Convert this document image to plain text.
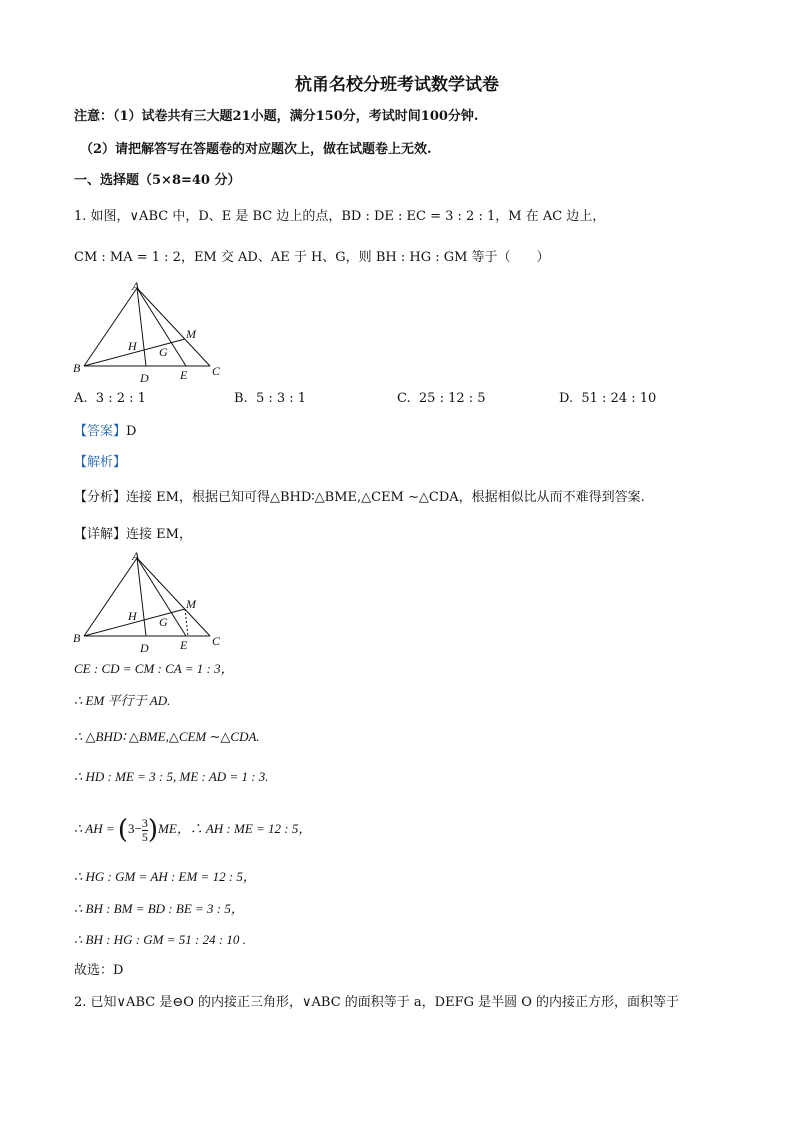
杭甬名校分班考试数学试卷
注意：（1）试卷共有三大题21小题，满分150分，考试时间100分钟.
（2）请把解答写在答题卷的对应题次上，做在试题卷上无效.
一、选择题（5×8=40 分）
1. 如图，∨ABC 中，D、E 是 BC 边上的点，BD : DE : EC = 3 : 2 : 1，M 在 AC 边上，
CM : MA = 1 : 2，EM 交 AD、AE 于 H、G，则 BH : HG : GM 等于（　　）
A
M
H G
B
D	E C
A. 3 : 2 : 1	B. 5 : 3 : 1	C. 25 : 12 : 5	D. 51 : 24 : 10
【答案】D
【解析】
【分析】连接 EM，根据已知可得△BHD∶△BME,△CEM ∼△CDA，根据相似比从而不难得到答案.
【详解】连接 EM，
A
M
H G
B
D	E C
CE : CD = CM : CA = 1 : 3，
∴ EM 平行于 AD.
∴ △BHD∶ △BME,△CEM ∼△CDA.
∴ HD : ME = 3 : 5, ME : AD = 1 : 3.
∴ AH = $(3- \frac{3}{5} )ME$，∴ AH : ME = 12 : 5，
∴ HG : GM = AH : EM = 12 : 5，
∴ BH : BM = BD : BE = 3 : 5，
∴ BH : HG : GM = 51 : 24 : 10 .
故选：D
2. 已知∨ABC 是⊖O 的内接正三角形，∨ABC 的面积等于 a，DEFG 是半圆 O 的内接正方形，面积等于
